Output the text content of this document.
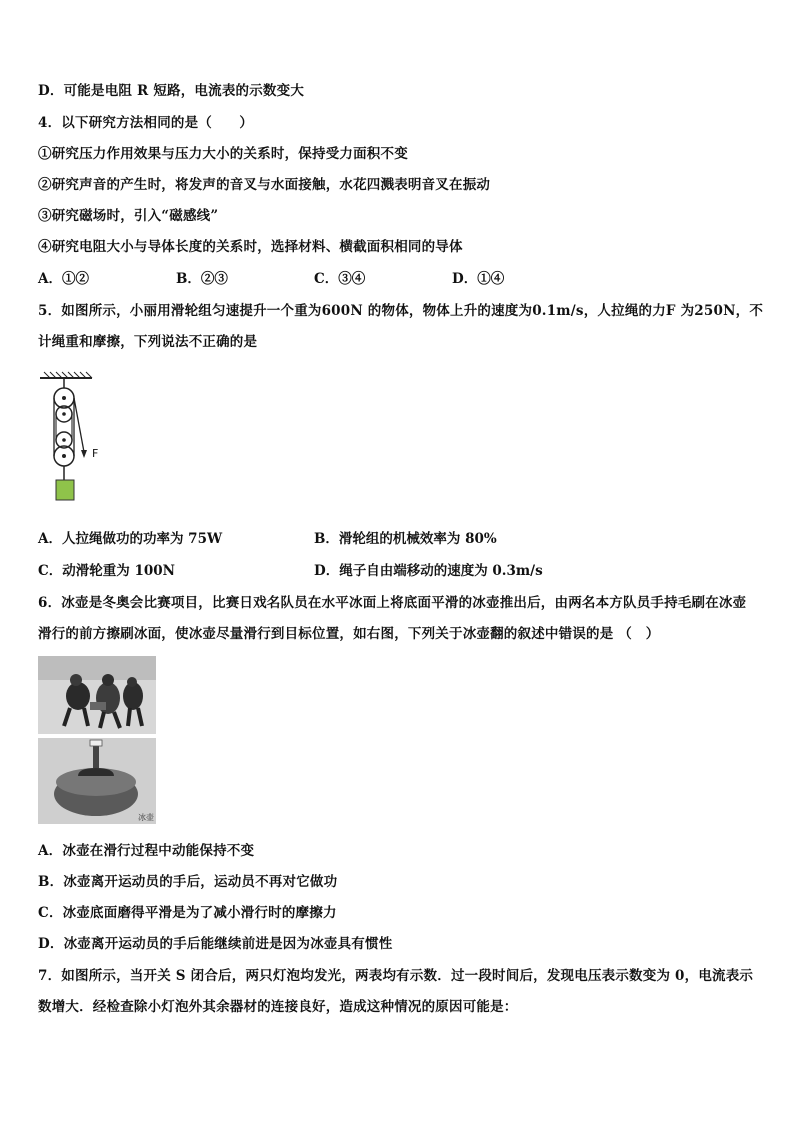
D．可能是电阻 R 短路，电流表的示数变大
4．以下研究方法相同的是（　　）
①研究压力作用效果与压力大小的关系时，保持受力面积不变
②研究声音的产生时，将发声的音叉与水面接触，水花四溅表明音叉在振动
③研究磁场时，引入“磁感线”
④研究电阻大小与导体长度的关系时，选择材料、横截面积相同的导体
A．①②	B．②③	C．③④	D．①④
5．如图所示，小丽用滑轮组匀速提升一个重为600N 的物体，物体上升的速度为0.1m/s，人拉绳的力F 为250N，不
计绳重和摩擦，下列说法不正确的是
F
A．人拉绳做功的功率为 75W	B．滑轮组的机械效率为 80%
C．动滑轮重为 100N	D．绳子自由端移动的速度为 0.3m/s
6．冰壶是冬奥会比赛项目，比赛日戏名队员在水平冰面上将底面平滑的冰壶推出后，由两名本方队员手持毛刷在冰壶
滑行的前方擦刷冰面，使冰壶尽量滑行到目标位置，如右图，下列关于冰壶翻的叙述中错误的是 （　）
冰壶
A．冰壶在滑行过程中动能保持不变
B．冰壶离开运动员的手后，运动员不再对它做功
C．冰壶底面磨得平滑是为了减小滑行时的摩擦力
D．冰壶离开运动员的手后能继续前进是因为冰壶具有惯性
7．如图所示，当开关 S 闭合后，两只灯泡均发光，两表均有示数．过一段时间后，发现电压表示数变为 0，电流表示
数增大．经检查除小灯泡外其余器材的连接良好，造成这种情况的原因可能是：
